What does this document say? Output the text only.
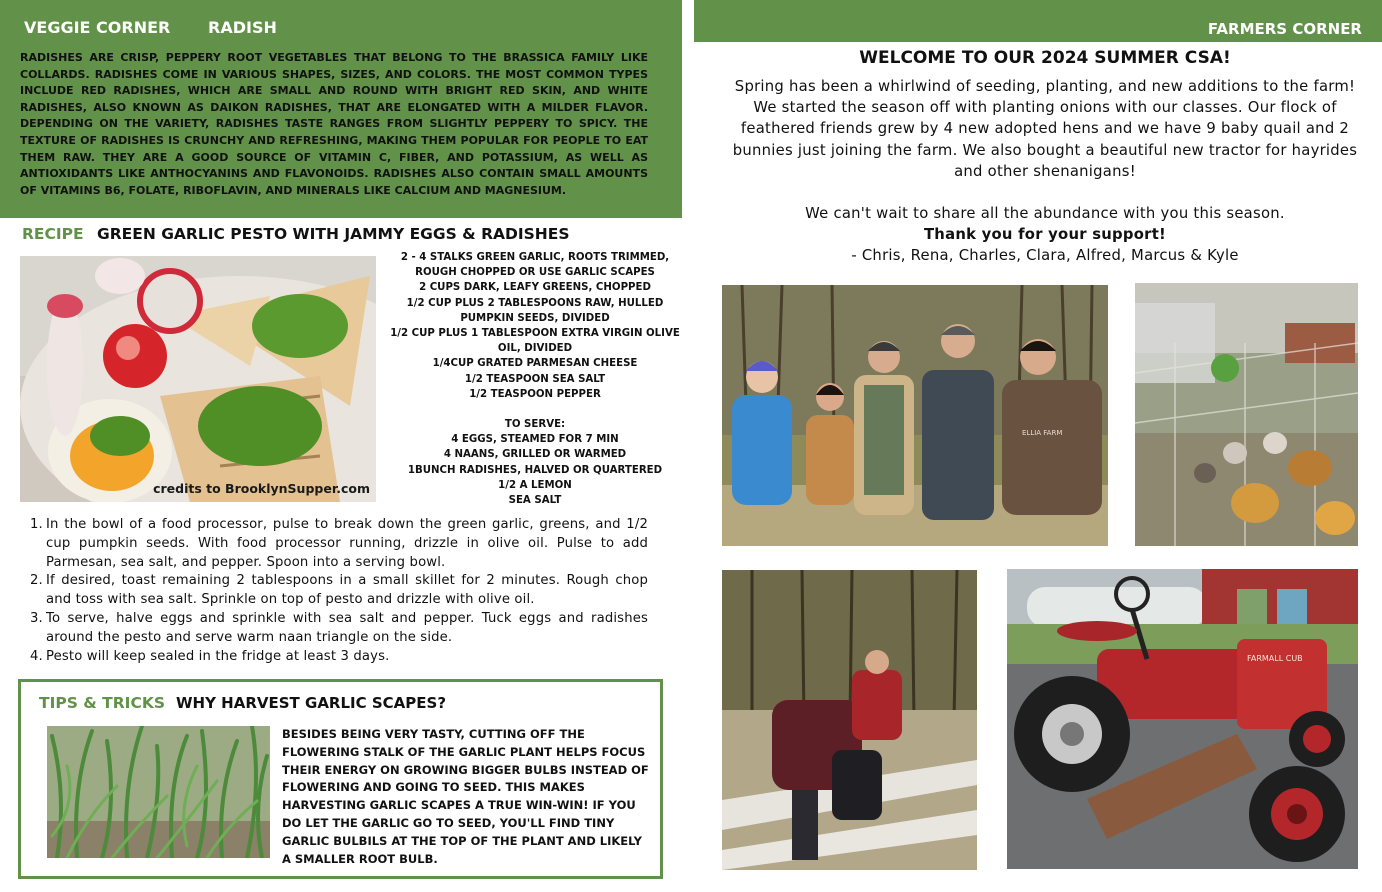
VEGGIE CORNER RADISH

RADISHES ARE CRISP, PEPPERY ROOT VEGETABLES THAT BELONG TO THE BRASSICA FAMILY LIKE COLLARDS. RADISHES COME IN VARIOUS SHAPES, SIZES, AND COLORS. THE MOST COMMON TYPES INCLUDE RED RADISHES, WHICH ARE SMALL AND ROUND WITH BRIGHT RED SKIN, AND WHITE RADISHES, ALSO KNOWN AS DAIKON RADISHES, THAT ARE ELONGATED WITH A MILDER FLAVOR. DEPENDING ON THE VARIETY, RADISHES TASTE RANGES FROM SLIGHTLY PEPPERY TO SPICY. THE TEXTURE OF RADISHES IS CRUNCHY AND REFRESHING, MAKING THEM POPULAR FOR PEOPLE TO EAT THEM RAW. THEY ARE A GOOD SOURCE OF VITAMIN C, FIBER, AND POTASSIUM, AS WELL AS ANTIOXIDANTS LIKE ANTHOCYANINS AND FLAVONOIDS. RADISHES ALSO CONTAIN SMALL AMOUNTS OF VITAMINS B6, FOLATE, RIBOFLAVIN, AND MINERALS LIKE CALCIUM AND MAGNESIUM.

RECIPE GREEN GARLIC PESTO WITH JAMMY EGGS & RADISHES
credits to BrooklynSupper.com
2 - 4 STALKS GREEN GARLIC, ROOTS TRIMMED, ROUGH CHOPPED OR USE GARLIC SCAPES
2 CUPS DARK, LEAFY GREENS, CHOPPED
1/2 CUP PLUS 2 TABLESPOONS RAW, HULLED PUMPKIN SEEDS, DIVIDED
1/2 CUP PLUS 1 TABLESPOON EXTRA VIRGIN OLIVE OIL, DIVIDED
1/4CUP GRATED PARMESAN CHEESE
1/2 TEASPOON SEA SALT
1/2 TEASPOON PEPPER
TO SERVE:
4 EGGS, STEAMED FOR 7 MIN
4 NAANS, GRILLED OR WARMED
1BUNCH RADISHES, HALVED OR QUARTERED
1/2 A LEMON
SEA SALT
1. In the bowl of a food processor, pulse to break down the green garlic, greens, and 1/2 cup pumpkin seeds. With food processor running, drizzle in olive oil. Pulse to add Parmesan, sea salt, and pepper. Spoon into a serving bowl.
2. If desired, toast remaining 2 tablespoons in a small skillet for 2 minutes. Rough chop and toss with sea salt. Sprinkle on top of pesto and drizzle with olive oil.
3. To serve, halve eggs and sprinkle with sea salt and pepper. Tuck eggs and radishes around the pesto and serve warm naan triangle on the side.
4. Pesto will keep sealed in the fridge at least 3 days.
TIPS & TRICKS WHY HARVEST GARLIC SCAPES?

BESIDES BEING VERY TASTY, CUTTING OFF THE FLOWERING STALK OF THE GARLIC PLANT HELPS FOCUS THEIR ENERGY ON GROWING BIGGER BULBS INSTEAD OF FLOWERING AND GOING TO SEED. THIS MAKES HARVESTING GARLIC SCAPES A TRUE WIN-WIN! IF YOU DO LET THE GARLIC GO TO SEED, YOU'LL FIND TINY GARLIC BULBILS AT THE TOP OF THE PLANT AND LIKELY A SMALLER ROOT BULB.

FARMERS CORNER
WELCOME TO OUR 2024 SUMMER CSA!

Spring has been a whirlwind of seeding, planting, and new additions to the farm! We started the season off with planting onions with our classes. Our flock of feathered friends grew by 4 new adopted hens and we have 9 baby quail and 2 bunnies just joining the farm. We also bought a beautiful new tractor for hayrides and other shenanigans!

We can't wait to share all the abundance with you this season.
Thank you for your support!
- Chris, Rena, Charles, Clara, Alfred, Marcus & Kyle
ELLIA FARM
FARMALL CUB
